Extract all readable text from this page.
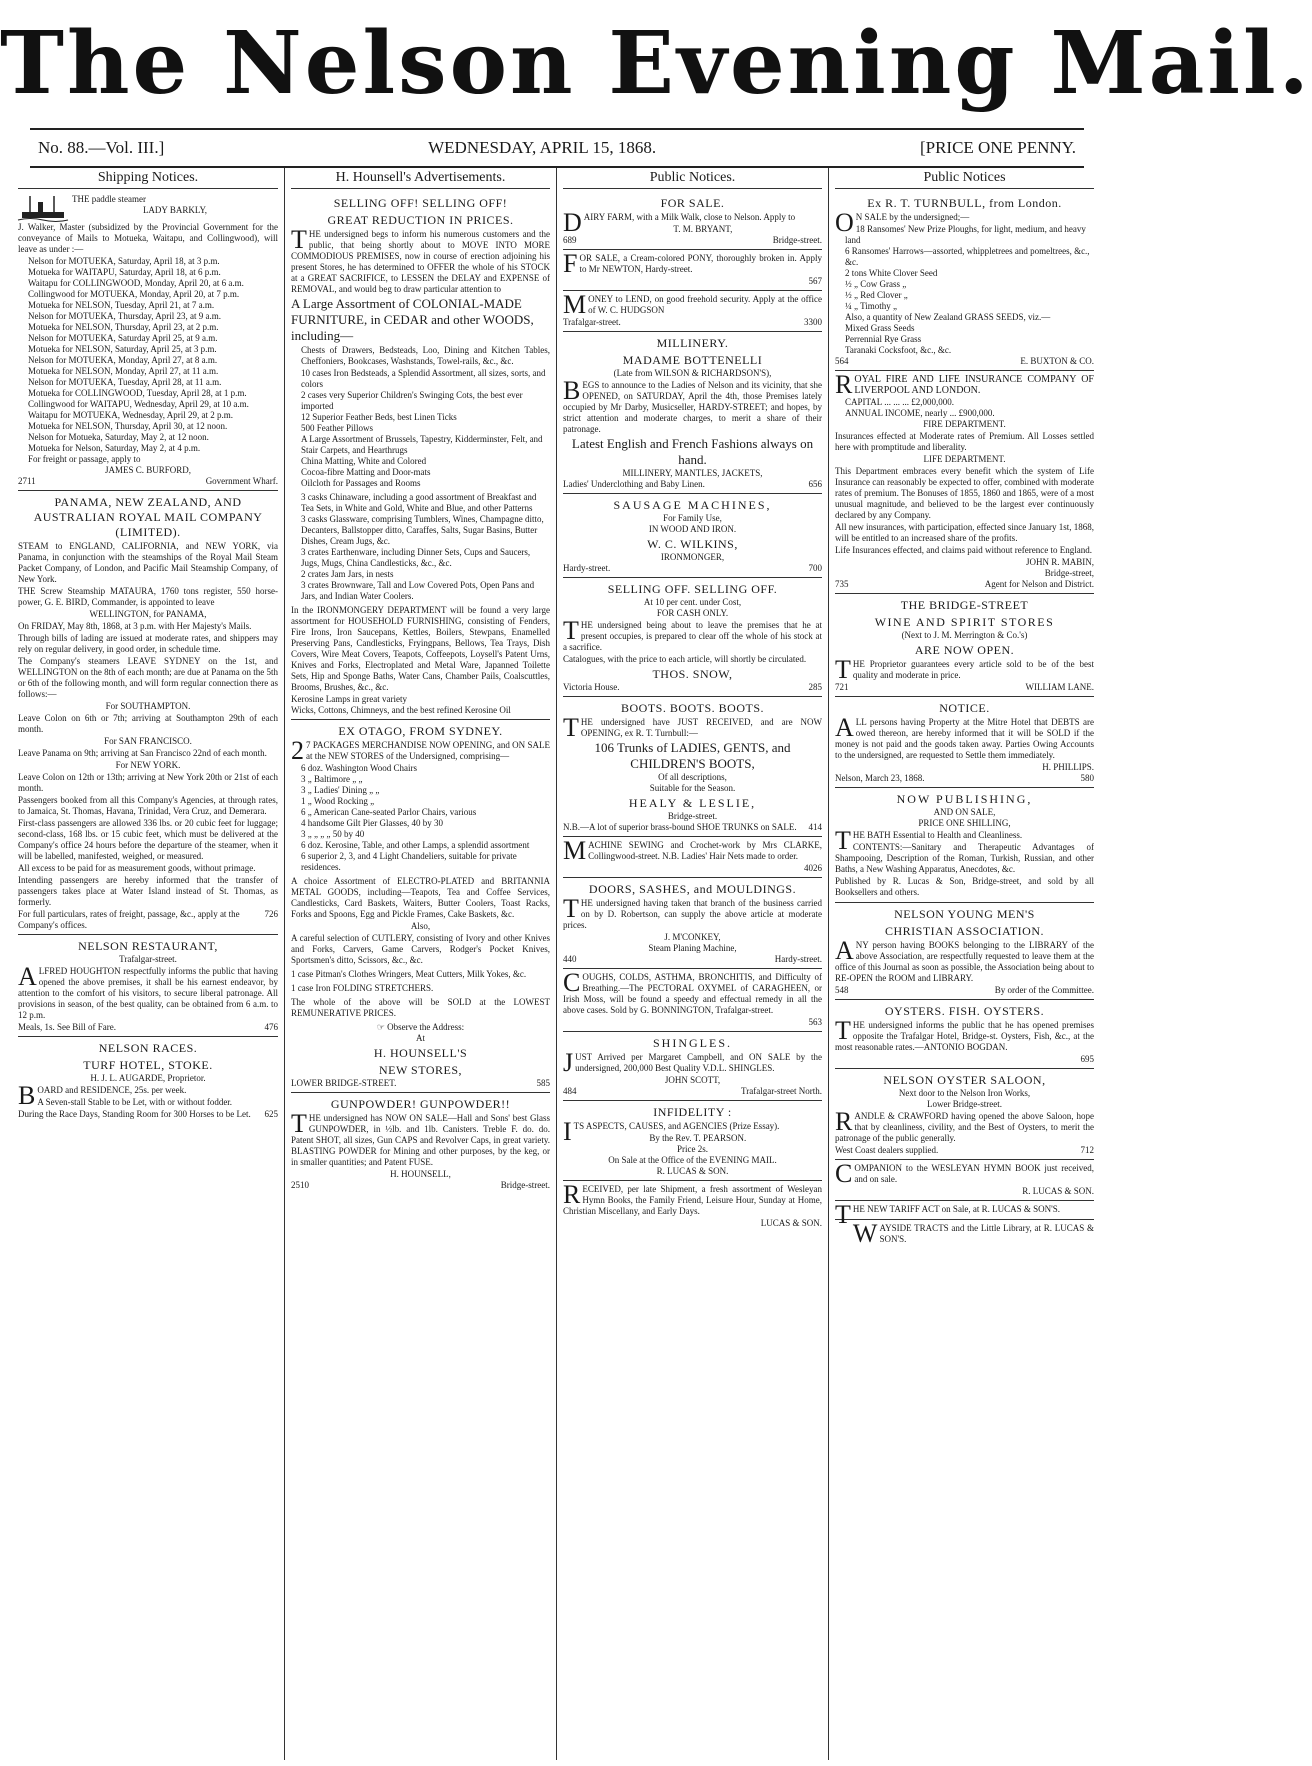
The Nelson Evening Mail.
No. 88.—Vol. III.]	WEDNESDAY, APRIL 15, 1868.	[PRICE ONE PENNY.
Shipping Notices.
THE paddle steamer
LADY BARKLY,
J. Walker, Master (subsidized by the Provincial Government for the conveyance of Mails to Motueka, Waitapu, and Collingwood), will leave as under :—
Nelson for MOTUEKA, Saturday, April 18, at 3 p.m.
Motueka for WAITAPU, Saturday, April 18, at 6 p.m.
Waitapu for COLLINGWOOD, Monday, April 20, at 6 a.m.
Collingwood for MOTUEKA, Monday, April 20, at 7 p.m.
Motueka for NELSON, Tuesday, April 21, at 7 a.m.
Nelson for MOTUEKA, Thursday, April 23, at 9 a.m.
Motueka for NELSON, Thursday, April 23, at 2 p.m.
Nelson for MOTUEKA, Saturday April 25, at 9 a.m.
Motueka for NELSON, Saturday, April 25, at 3 p.m.
Nelson for MOTUEKA, Monday, April 27, at 8 a.m.
Motueka for NELSON, Monday, April 27, at 11 a.m.
Nelson for MOTUEKA, Tuesday, April 28, at 11 a.m.
Motueka for COLLINGWOOD, Tuesday, April 28, at 1 p.m.
Collingwood for WAITAPU, Wednesday, April 29, at 10 a.m.
Waitapu for MOTUEKA, Wednesday, April 29, at 2 p.m.
Motueka for NELSON, Thursday, April 30, at 12 noon.
Nelson for Motueka, Saturday, May 2, at 12 noon.
Motueka for Nelson, Saturday, May 2, at 4 p.m.
For freight or passage, apply to
JAMES C. BURFORD,
2711	Government Wharf.
PANAMA, NEW ZEALAND, AND AUSTRALIAN ROYAL MAIL COMPANY (LIMITED).
STEAM to ENGLAND, CALIFORNIA, and NEW YORK, via Panama, in conjunction with the steamships of the Royal Mail Steam Packet Company, of London, and Pacific Mail Steamship Company, of New York.
THE Screw Steamship MATAURA, 1760 tons register, 550 horse-power, G. E. BIRD, Commander, is appointed to leave
WELLINGTON, for PANAMA,
On FRIDAY, May 8th, 1868, at 3 p.m. with Her Majesty's Mails.
Through bills of lading are issued at moderate rates, and shippers may rely on regular delivery, in good order, in schedule time.
The Company's steamers LEAVE SYDNEY on the 1st, and WELLINGTON on the 8th of each month; are due at Panama on the 5th or 6th of the following month, and will form regular connection there as follows:—
For SOUTHAMPTON.
Leave Colon on 6th or 7th; arriving at Southampton 29th of each month.
For SAN FRANCISCO.
Leave Panama on 9th; arriving at San Francisco 22nd of each month.
For NEW YORK.
Leave Colon on 12th or 13th; arriving at New York 20th or 21st of each month.
Passengers booked from all this Company's Agencies, at through rates, to Jamaica, St. Thomas, Havana, Trinidad, Vera Cruz, and Demerara.
First-class passengers are allowed 336 lbs. or 20 cubic feet for luggage; second-class, 168 lbs. or 15 cubic feet, which must be delivered at the Company's office 24 hours before the departure of the steamer, when it will be labelled, manifested, weighed, or measured.
All excess to be paid for as measurement goods, without primage.
Intending passengers are hereby informed that the transfer of passengers takes place at Water Island instead of St. Thomas, as formerly.
For full particulars, rates of freight, passage, &c., apply at the Company's offices.
726
NELSON RESTAURANT,
Trafalgar-street.
ALFRED HOUGHTON respectfully informs the public that having opened the above premises, it shall be his earnest endeavor, by attention to the comfort of his visitors, to secure liberal patronage. All provisions in season, of the best quality, can be obtained from 6 a.m. to 12 p.m.
Meals, 1s. See Bill of Fare.	476
NELSON RACES.
TURF HOTEL, STOKE.
H. J. L. AUGARDE, Proprietor.
BOARD and RESIDENCE, 25s. per week.
A Seven-stall Stable to be Let, with or without fodder.
During the Race Days, Standing Room for 300 Horses to be Let. 625
H. Hounsell's Advertisements.
SELLING OFF! SELLING OFF!
GREAT REDUCTION IN PRICES.
THE undersigned begs to inform his numerous customers and the public, that being shortly about to MOVE INTO MORE COMMODIOUS PREMISES, now in course of erection adjoining his present Stores, he has determined to OFFER the whole of his STOCK at a GREAT SACRIFICE, to LESSEN the DELAY and EXPENSE of REMOVAL, and would beg to draw particular attention to
A Large Assortment of COLONIAL-MADE FURNITURE, in CEDAR and other WOODS, including—
Chests of Drawers, Bedsteads, Loo, Dining and Kitchen Tables, Cheffoniers, Bookcases, Washstands, Towel-rails, &c., &c.
10 cases Iron Bedsteads, a Splendid Assortment, all sizes, sorts, and colors
2 cases very Superior Children's Swinging Cots, the best ever imported
12 Superior Feather Beds, best Linen Ticks
500 Feather Pillows
A Large Assortment of Brussels, Tapestry, Kidderminster, Felt, and Stair Carpets, and Hearthrugs
China Matting, White and Colored
Cocoa-fibre Matting and Door-mats
Oilcloth for Passages and Rooms
3 casks Chinaware, including a good assortment of Breakfast and Tea Sets, in White and Gold, White and Blue, and other Patterns
3 casks Glassware, comprising Tumblers, Wines, Champagne ditto, Decanters, Ballstopper ditto, Caraffes, Salts, Sugar Basins, Butter Dishes, Cream Jugs, &c.
3 crates Earthenware, including Dinner Sets, Cups and Saucers, Jugs, Mugs, China Candlesticks, &c., &c.
2 crates Jam Jars, in nests
3 crates Brownware, Tall and Low Covered Pots, Open Pans and Jars, and Indian Water Coolers.
In the IRONMONGERY DEPARTMENT will be found a very large assortment for HOUSEHOLD FURNISHING, consisting of Fenders, Fire Irons, Iron Saucepans, Kettles, Boilers, Stewpans, Enamelled Preserving Pans, Candlesticks, Fryingpans, Bellows, Tea Trays, Dish Covers, Wire Meat Covers, Teapots, Coffeepots, Loysell's Patent Urns, Knives and Forks, Electroplated and Metal Ware, Japanned Toilette Sets, Hip and Sponge Baths, Water Cans, Chamber Pails, Coalscuttles, Brooms, Brushes, &c., &c.
Kerosine Lamps in great variety
Wicks, Cottons, Chimneys, and the best refined Kerosine Oil
EX OTAGO, FROM SYDNEY.
27 PACKAGES MERCHANDISE NOW OPENING, and ON SALE at the NEW STORES of the Undersigned, comprising—
6 doz. Washington Wood Chairs
3 „ Baltimore „ „
3 „ Ladies' Dining „ „
1 „ Wood Rocking „
6 „ American Cane-seated Parlor Chairs, various
4 handsome Gilt Pier Glasses, 40 by 30
3 „ „ „ „ 50 by 40
6 doz. Kerosine, Table, and other Lamps, a splendid assortment
6 superior 2, 3, and 4 Light Chandeliers, suitable for private residences.
A choice Assortment of ELECTRO-PLATED and BRITANNIA METAL GOODS, including—Teapots, Tea and Coffee Services, Candlesticks, Card Baskets, Waiters, Butter Coolers, Toast Racks, Forks and Spoons, Egg and Pickle Frames, Cake Baskets, &c.
Also,
A careful selection of CUTLERY, consisting of Ivory and other Knives and Forks, Carvers, Game Carvers, Rodger's Pocket Knives, Sportsmen's ditto, Scissors, &c., &c.
1 case Pitman's Clothes Wringers, Meat Cutters, Milk Yokes, &c.
1 case Iron FOLDING STRETCHERS.
The whole of the above will be SOLD at the LOWEST REMUNERATIVE PRICES.
☞ Observe the Address:
At
H. HOUNSELL'S
NEW STORES,
LOWER BRIDGE-STREET.	585
GUNPOWDER! GUNPOWDER!!
THE undersigned has NOW ON SALE—Hall and Sons' best Glass GUNPOWDER, in ½lb. and 1lb. Canisters. Treble F. do. do. Patent SHOT, all sizes, Gun CAPS and Revolver Caps, in great variety. BLASTING POWDER for Mining and other purposes, by the keg, or in smaller quantities; and Patent FUSE.
H. HOUNSELL,
2510	Bridge-street.
Public Notices.
FOR SALE.
DAIRY FARM, with a Milk Walk, close to Nelson. Apply to
T. M. BRYANT,
689	Bridge-street.
FOR SALE, a Cream-colored PONY, thoroughly broken in. Apply to Mr NEWTON, Hardy-street.
567
MONEY to LEND, on good freehold security. Apply at the office of W. C. HUDGSON
Trafalgar-street.	3300
MILLINERY.
MADAME BOTTENELLI
(Late from WILSON & RICHARDSON'S),
BEGS to announce to the Ladies of Nelson and its vicinity, that she OPENED, on SATURDAY, April the 4th, those Premises lately occupied by Mr Darby, Musicseller, HARDY-STREET; and hopes, by strict attention and moderate charges, to merit a share of their patronage.
Latest English and French Fashions always on hand.
MILLINERY, MANTLES, JACKETS,
Ladies' Underclothing and Baby Linen.	656
SAUSAGE MACHINES,
For Family Use,
IN WOOD AND IRON.
W. C. WILKINS,
IRONMONGER,
Hardy-street.	700
SELLING OFF. SELLING OFF.
At 10 per cent. under Cost,
FOR CASH ONLY.
THE undersigned being about to leave the premises that he at present occupies, is prepared to clear off the whole of his stock at a sacrifice.
Catalogues, with the price to each article, will shortly be circulated.
THOS. SNOW,
Victoria House.	285
BOOTS. BOOTS. BOOTS.
THE undersigned have JUST RECEIVED, and are NOW OPENING, ex R. T. Turnbull:—
106 Trunks of LADIES, GENTS, and CHILDREN'S BOOTS,
Of all descriptions,
Suitable for the Season.
HEALY & LESLIE,
Bridge-street.
N.B.—A lot of superior brass-bound SHOE TRUNKS on SALE. 414
MACHINE SEWING and Crochet-work by Mrs CLARKE, Collingwood-street. N.B. Ladies' Hair Nets made to order.
4026
DOORS, SASHES, and MOULDINGS.
THE undersigned having taken that branch of the business carried on by D. Robertson, can supply the above article at moderate prices.
J. M'CONKEY,
Steam Planing Machine,
440	Hardy-street.
COUGHS, COLDS, ASTHMA, BRONCHITIS, and Difficulty of Breathing.—The PECTORAL OXYMEL of CARAGHEEN, or Irish Moss, will be found a speedy and effectual remedy in all the above cases. Sold by G. BONNINGTON, Trafalgar-street.
563
SHINGLES.
JUST Arrived per Margaret Campbell, and ON SALE by the undersigned, 200,000 Best Quality V.D.L. SHINGLES.
JOHN SCOTT,
484	Trafalgar-street North.
INFIDELITY :
ITS ASPECTS, CAUSES, and AGENCIES (Prize Essay).
By the Rev. T. PEARSON.
Price 2s.
On Sale at the Office of the EVENING MAIL.
R. LUCAS & SON.
RECEIVED, per late Shipment, a fresh assortment of Wesleyan Hymn Books, the Family Friend, Leisure Hour, Sunday at Home, Christian Miscellany, and Early Days.
LUCAS & SON.
Public Notices
Ex R. T. TURNBULL, from London.
ON SALE by the undersigned;—
18 Ransomes' New Prize Ploughs, for light, medium, and heavy land
6 Ransomes' Harrows—assorted, whippletrees and pomeltrees, &c., &c.
2 tons White Clover Seed
½ „ Cow Grass „
½ „ Red Clover „
¼ „ Timothy „
Also, a quantity of New Zealand GRASS SEEDS, viz.—
Mixed Grass Seeds
Perrennial Rye Grass
Taranaki Cocksfoot, &c., &c.
564	E. BUXTON & CO.
ROYAL FIRE AND LIFE INSURANCE COMPANY OF LIVERPOOL AND LONDON.
CAPITAL ... ... ... £2,000,000.
ANNUAL INCOME, nearly ... £900,000.
FIRE DEPARTMENT.
Insurances effected at Moderate rates of Premium. All Losses settled here with promptitude and liberality.
LIFE DEPARTMENT.
This Department embraces every benefit which the system of Life Insurance can reasonably be expected to offer, combined with moderate rates of premium. The Bonuses of 1855, 1860 and 1865, were of a most unusual magnitude, and believed to be the largest ever continuously declared by any Company.
All new insurances, with participation, effected since January 1st, 1868, will be entitled to an increased share of the profits.
Life Insurances effected, and claims paid without reference to England.
JOHN R. MABIN,
Bridge-street,
735	Agent for Nelson and District.
THE BRIDGE-STREET
WINE AND SPIRIT STORES
(Next to J. M. Merrington & Co.'s)
ARE NOW OPEN.
THE Proprietor guarantees every article sold to be of the best quality and moderate in price.
721	WILLIAM LANE.
NOTICE.
ALL persons having Property at the Mitre Hotel that DEBTS are owed thereon, are hereby informed that it will be SOLD if the money is not paid and the goods taken away. Parties Owing Accounts to the undersigned, are requested to Settle them immediately.
H. PHILLIPS.
Nelson, March 23, 1868.	580
NOW PUBLISHING,
AND ON SALE,
PRICE ONE SHILLING,
THE BATH Essential to Health and Cleanliness.
CONTENTS:—Sanitary and Therapeutic Advantages of Shampooing, Description of the Roman, Turkish, Russian, and other Baths, a New Washing Apparatus, Anecdotes, &c.
Published by R. Lucas & Son, Bridge-street, and sold by all Booksellers and others.
NELSON YOUNG MEN'S
CHRISTIAN ASSOCIATION.
ANY person having BOOKS belonging to the LIBRARY of the above Association, are respectfully requested to leave them at the office of this Journal as soon as possible, the Association being about to RE-OPEN the ROOM and LIBRARY.
548	By order of the Committee.
OYSTERS. FISH. OYSTERS.
THE undersigned informs the public that he has opened premises opposite the Trafalgar Hotel, Bridge-st. Oysters, Fish, &c., at the most reasonable rates.—ANTONIO BOGDAN.
695
NELSON OYSTER SALOON,
Next door to the Nelson Iron Works,
Lower Bridge-street.
RANDLE & CRAWFORD having opened the above Saloon, hope that by cleanliness, civility, and the Best of Oysters, to merit the patronage of the public generally.
West Coast dealers supplied.	712
COMPANION to the WESLEYAN HYMN BOOK just received, and on sale.
R. LUCAS & SON.
THE NEW TARIFF ACT on Sale, at R. LUCAS & SON'S.
WAYSIDE TRACTS and the Little Library, at R. LUCAS & SON'S.
